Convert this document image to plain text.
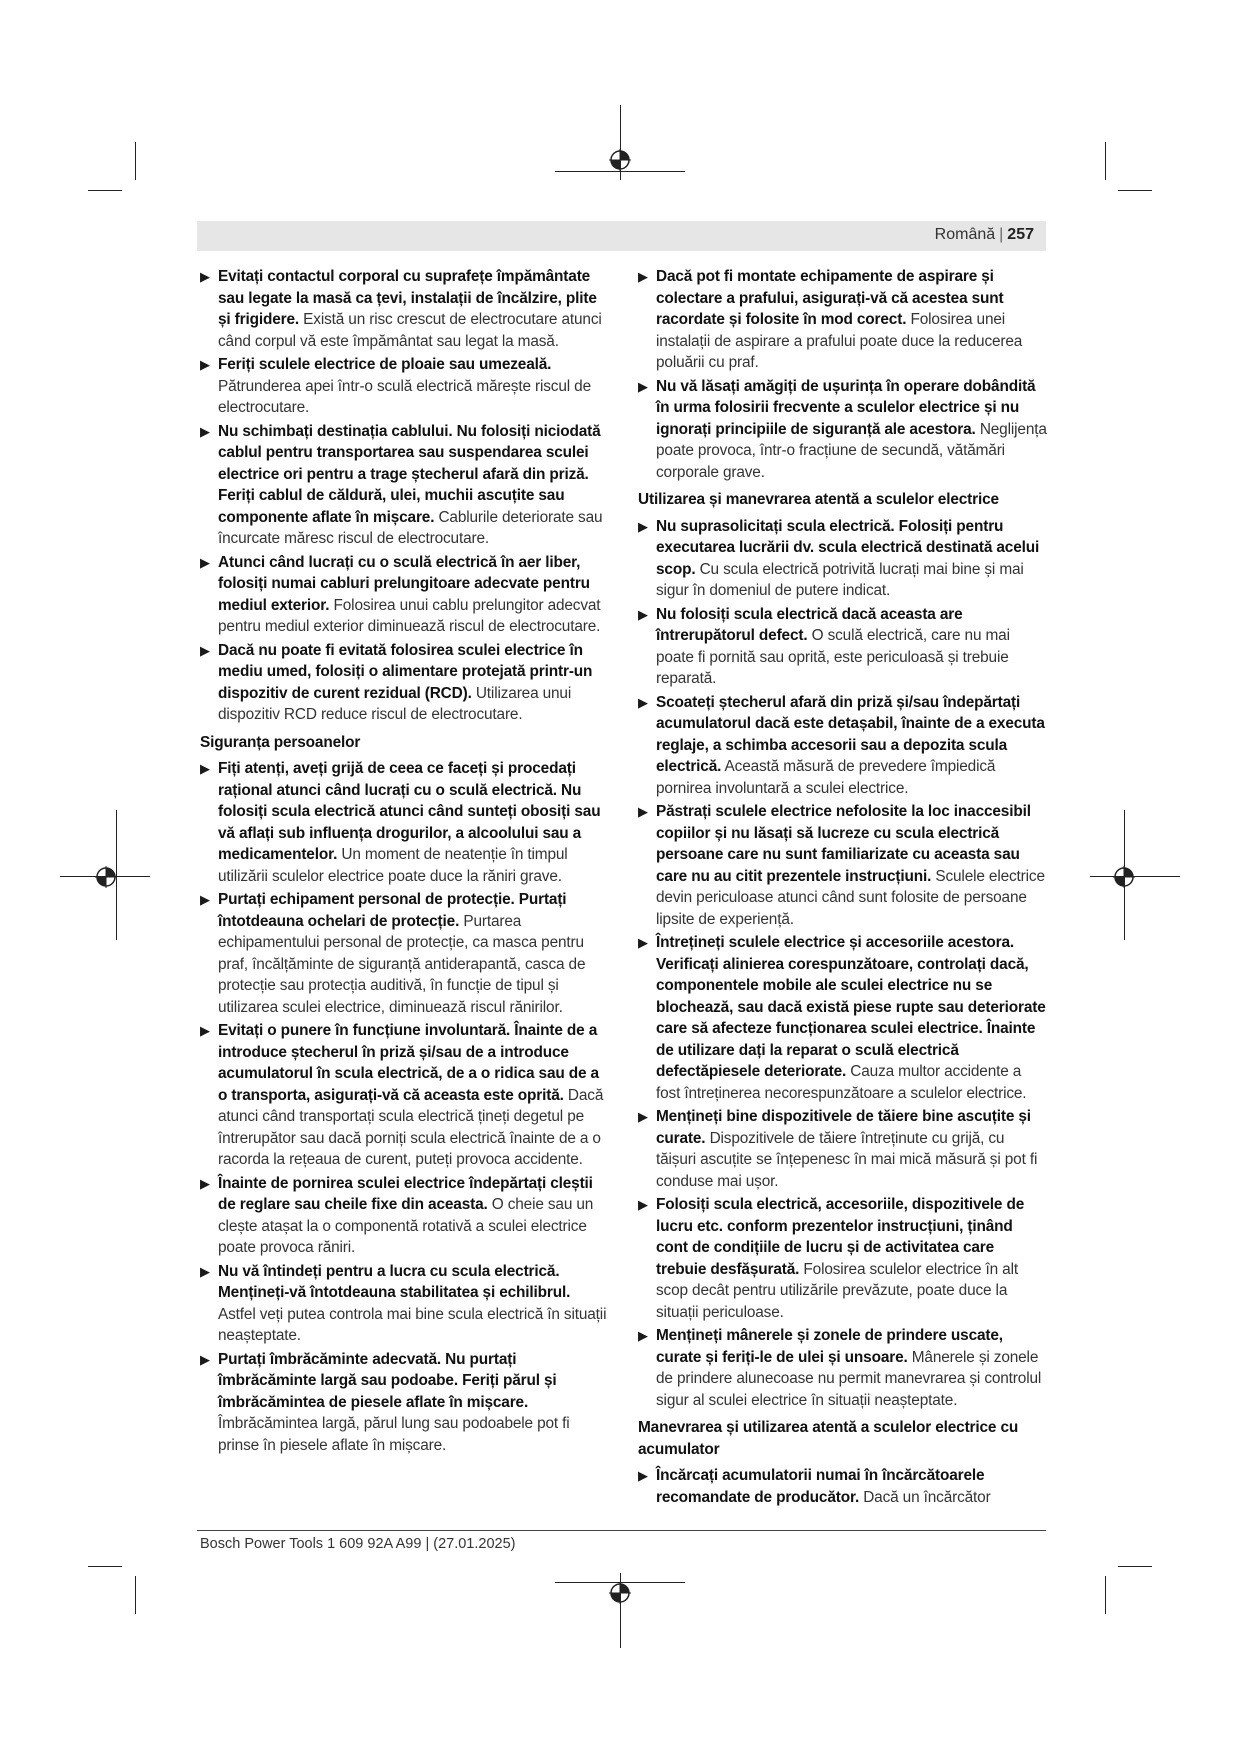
Română | 257
▶ Evitați contactul corporal cu suprafețe împământate sau legate la masă ca țevi, instalații de încălzire, plite și frigidere. Există un risc crescut de electrocutare atunci când corpul vă este împământat sau legat la masă.
▶ Feriți sculele electrice de ploaie sau umezeală. Pătrunderea apei într-o sculă electrică mărește riscul de electrocutare.
▶ Nu schimbați destinația cablului. Nu folosiți niciodată cablul pentru transportarea sau suspendarea sculei electrice ori pentru a trage ștecherul afară din priză. Feriți cablul de căldură, ulei, muchii ascuțite sau componente aflate în mișcare. Cablurile deteriorate sau încurcate măresc riscul de electrocutare.
▶ Atunci când lucrați cu o sculă electrică în aer liber, folosiți numai cabluri prelungitoare adecvate pentru mediul exterior. Folosirea unui cablu prelungitor adecvat pentru mediul exterior diminuează riscul de electrocutare.
▶ Dacă nu poate fi evitată folosirea sculei electrice în mediu umed, folosiți o alimentare protejată printr-un dispozitiv de curent rezidual (RCD). Utilizarea unui dispozitiv RCD reduce riscul de electrocutare.
Siguranța persoanelor
▶ Fiți atenți, aveți grijă de ceea ce faceți și procedați rațional atunci când lucrați cu o sculă electrică. Nu folosiți scula electrică atunci când sunteți obosiți sau vă aflați sub influența drogurilor, a alcoolului sau a medicamentelor. Un moment de neatenție în timpul utilizării sculelor electrice poate duce la răniri grave.
▶ Purtați echipament personal de protecție. Purtați întotdeauna ochelari de protecție. Purtarea echipamentului personal de protecție, ca masca pentru praf, încălțăminte de siguranță antiderapantă, casca de protecție sau protecția auditivă, în funcție de tipul și utilizarea sculei electrice, diminuează riscul rănirilor.
▶ Evitați o punere în funcțiune involuntară. Înainte de a introduce ștecherul în priză și/sau de a introduce acumulatorul în scula electrică, de a o ridica sau de a o transporta, asigurați-vă că aceasta este oprită. Dacă atunci când transportați scula electrică țineți degetul pe întrerupător sau dacă porniți scula electrică înainte de a o racorda la rețeaua de curent, puteți provoca accidente.
▶ Înainte de pornirea sculei electrice îndepărtați cleștii de reglare sau cheile fixe din aceasta. O cheie sau un clește atașat la o componentă rotativă a sculei electrice poate provoca răniri.
▶ Nu vă întindeți pentru a lucra cu scula electrică. Mențineți-vă întotdeauna stabilitatea și echilibrul. Astfel veți putea controla mai bine scula electrică în situații neașteptate.
▶ Purtați îmbrăcăminte adecvată. Nu purtați îmbrăcăminte largă sau podoabe. Feriți părul și îmbrăcămintea de piesele aflate în mișcare. Îmbrăcămintea largă, părul lung sau podoabele pot fi prinse în piesele aflate în mișcare.
▶ Dacă pot fi montate echipamente de aspirare și colectare a prafului, asigurați-vă că acestea sunt racordate și folosite în mod corect. Folosirea unei instalații de aspirare a prafului poate duce la reducerea poluării cu praf.
▶ Nu vă lăsați amăgiți de ușurința în operare dobândită în urma folosirii frecvente a sculelor electrice și nu ignorați principiile de siguranță ale acestora. Neglijența poate provoca, într-o fracțiune de secundă, vătămări corporale grave.
Utilizarea și manevrarea atentă a sculelor electrice
▶ Nu suprasolicitați scula electrică. Folosiți pentru executarea lucrării dv. scula electrică destinată acelui scop. Cu scula electrică potrivită lucrați mai bine și mai sigur în domeniul de putere indicat.
▶ Nu folosiți scula electrică dacă aceasta are întrerupătorul defect. O sculă electrică, care nu mai poate fi pornită sau oprită, este periculoasă și trebuie reparată.
▶ Scoateți ștecherul afară din priză și/sau îndepărtați acumulatorul dacă este detașabil, înainte de a executa reglaje, a schimba accesorii sau a depozita scula electrică. Această măsură de prevedere împiedică pornirea involuntară a sculei electrice.
▶ Păstrați sculele electrice nefolosite la loc inaccesibil copiilor și nu lăsați să lucreze cu scula electrică persoane care nu sunt familiarizate cu aceasta sau care nu au citit prezentele instrucțiuni. Sculele electrice devin periculoase atunci când sunt folosite de persoane lipsite de experiență.
▶ Întrețineți sculele electrice și accesoriile acestora. Verificați alinierea corespunzătoare, controlați dacă, componentele mobile ale sculei electrice nu se blochează, sau dacă există piese rupte sau deteriorate care să afecteze funcționarea sculei electrice. Înainte de utilizare dați la reparat o sculă electrică defectăpiesele deteriorate. Cauza multor accidente a fost întreținerea necorespunzătoare a sculelor electrice.
▶ Mențineți bine dispozitivele de tăiere bine ascuțite și curate. Dispozitivele de tăiere întreținute cu grijă, cu tăișuri ascuțite se înțepenesc în mai mică măsură și pot fi conduse mai ușor.
▶ Folosiți scula electrică, accesoriile, dispozitivele de lucru etc. conform prezentelor instrucțiuni, ținând cont de condițiile de lucru și de activitatea care trebuie desfășurată. Folosirea sculelor electrice în alt scop decât pentru utilizările prevăzute, poate duce la situații periculoase.
▶ Mențineți mânerele și zonele de prindere uscate, curate și feriți-le de ulei și unsoare. Mânerele și zonele de prindere alunecoase nu permit manevrarea și controlul sigur al sculei electrice în situații neașteptate.
Manevrarea și utilizarea atentă a sculelor electrice cu acumulator
▶ Încărcați acumulatorii numai în încărcătoarele recomandate de producător. Dacă un încărcător
Bosch Power Tools 1 609 92A A99 | (27.01.2025)
